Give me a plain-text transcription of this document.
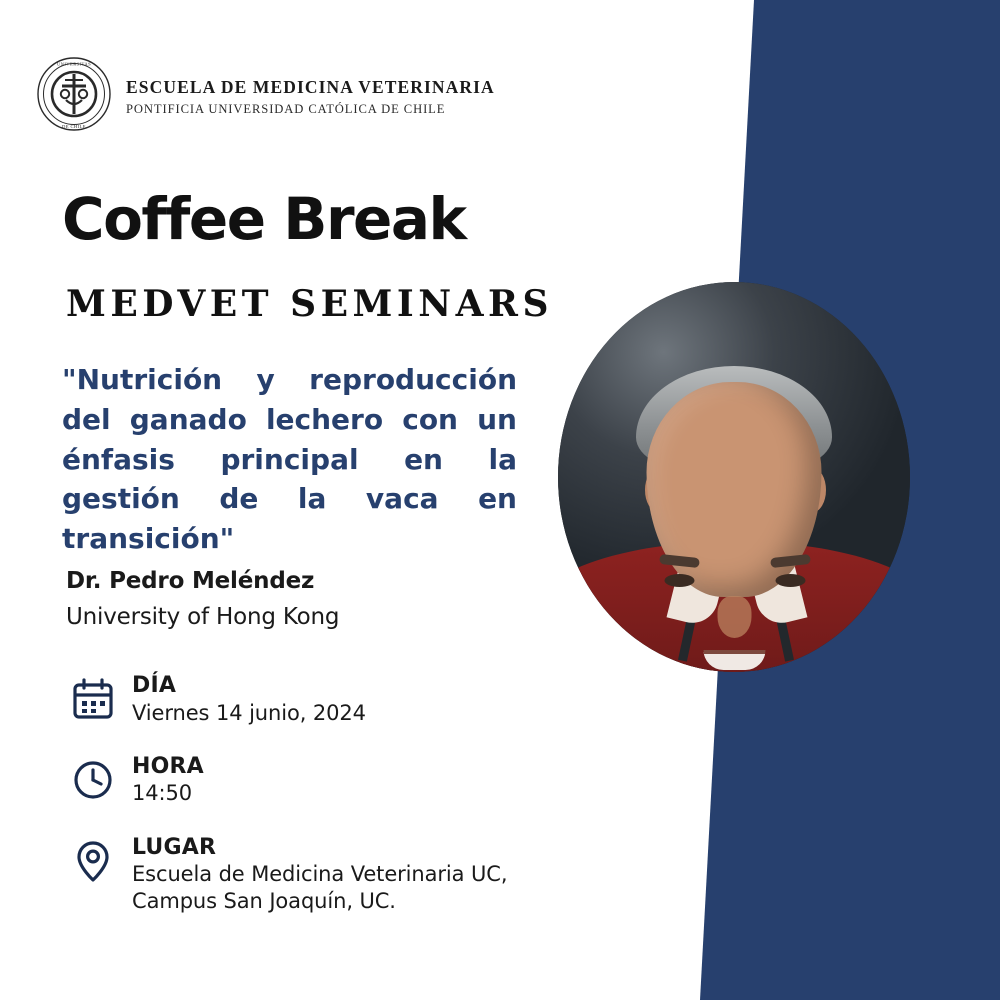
UNIVERSITAS
DE CHILE
ESCUELA DE MEDICINA VETERINARIA
PONTIFICIA UNIVERSIDAD CATÓLICA DE CHILE
Coffee Break
MEDVET SEMINARS
"Nutrición y reproducción del ganado lechero con un énfasis principal en la gestión de la vaca en transición"
Dr. Pedro Meléndez
University of Hong Kong
DÍA
Viernes 14 junio, 2024
HORA
14:50
LUGAR
Escuela de Medicina Veterinaria UC, Campus San Joaquín, UC.
